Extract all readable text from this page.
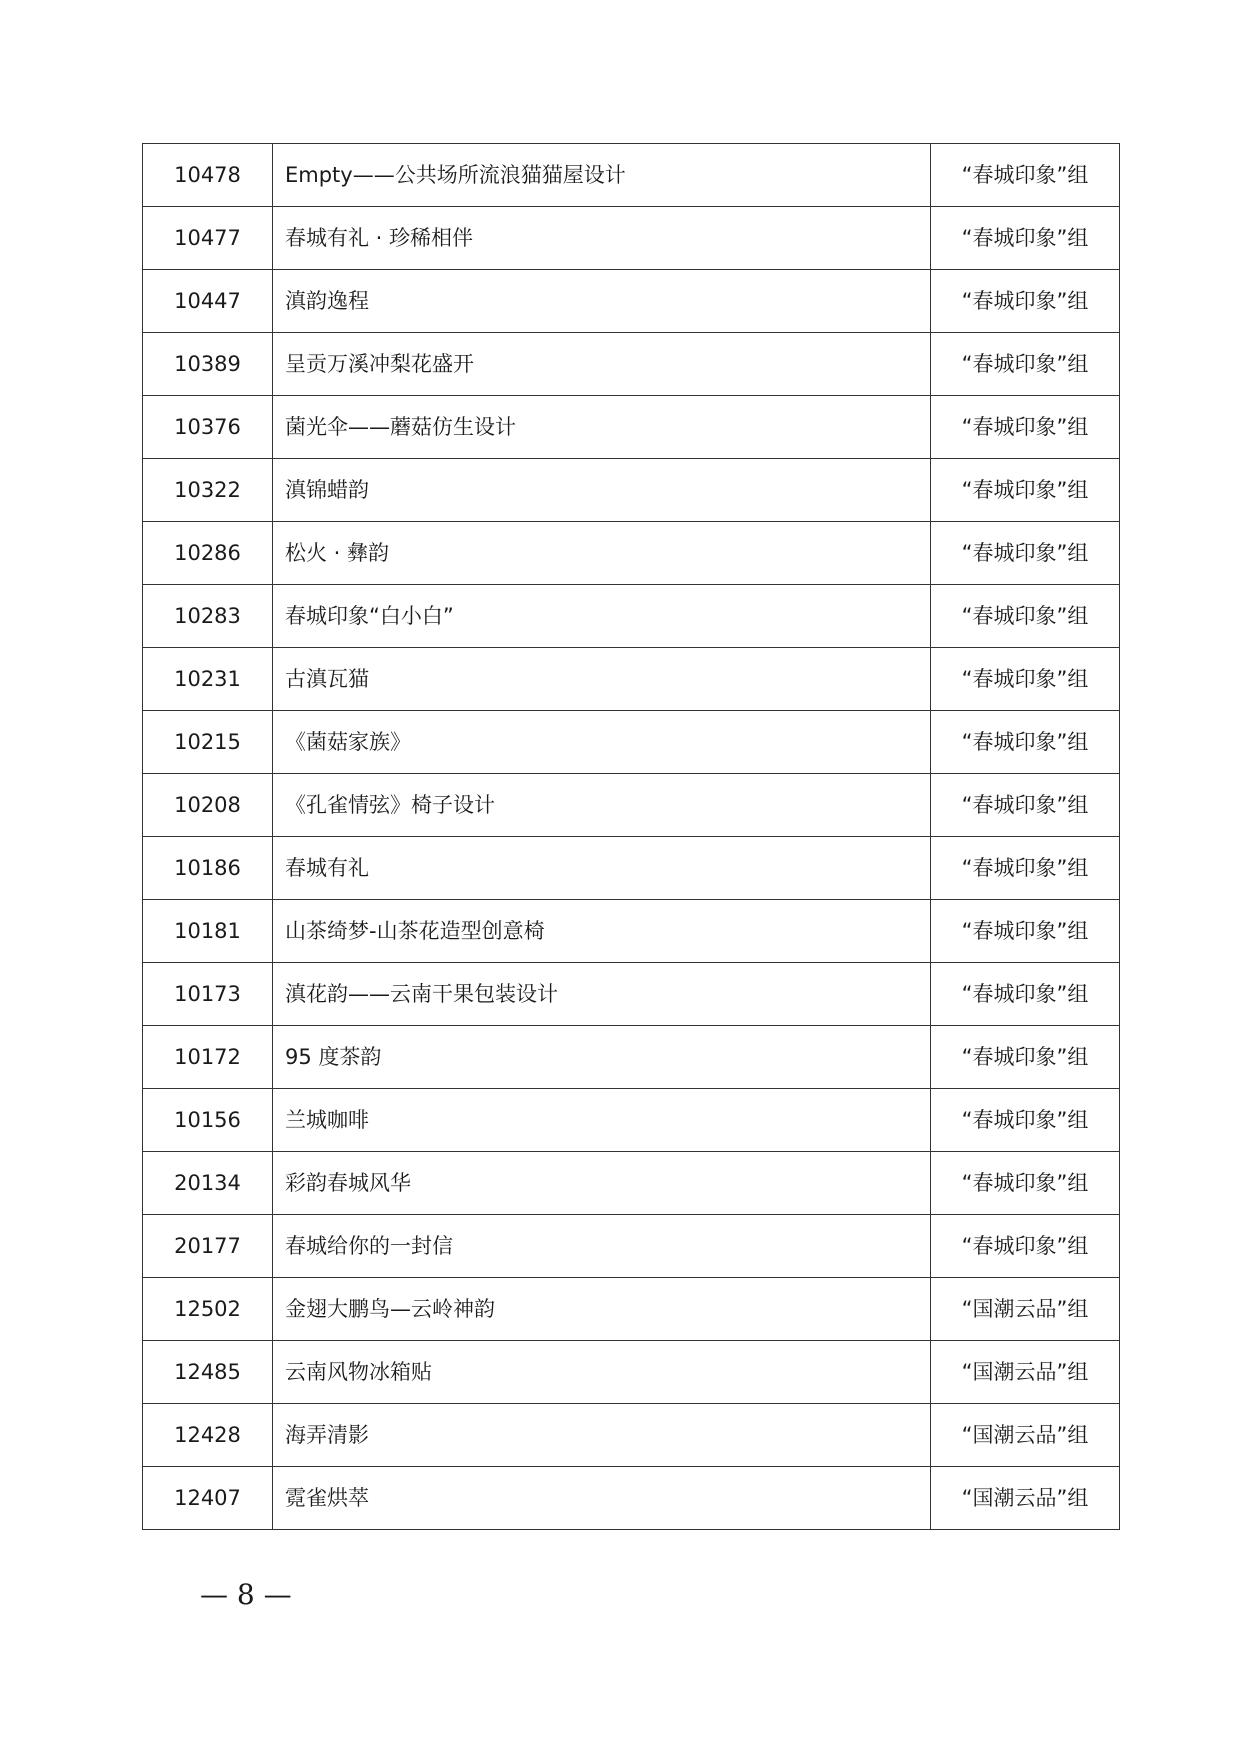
10478	Empty——公共场所流浪猫猫屋设计	“春城印象”组
10477	春城有礼 · 珍稀相伴	“春城印象”组
10447	滇韵逸程	“春城印象”组
10389	呈贡万溪冲梨花盛开	“春城印象”组
10376	菌光伞——蘑菇仿生设计	“春城印象”组
10322	滇锦蜡韵	“春城印象”组
10286	松火 · 彝韵	“春城印象”组
10283	春城印象“白小白”	“春城印象”组
10231	古滇瓦猫	“春城印象”组
10215	《菌菇家族》	“春城印象”组
10208	《孔雀情弦》椅子设计	“春城印象”组
10186	春城有礼	“春城印象”组
10181	山茶绮梦-山茶花造型创意椅	“春城印象”组
10173	滇花韵——云南干果包装设计	“春城印象”组
10172	95 度茶韵	“春城印象”组
10156	兰城咖啡	“春城印象”组
20134	彩韵春城风华	“春城印象”组
20177	春城给你的一封信	“春城印象”组
12502	金翅大鹏鸟—云岭神韵	“国潮云品”组
12485	云南风物冰箱贴	“国潮云品”组
12428	海弄清影	“国潮云品”组
12407	霓雀烘萃	“国潮云品”组
— 8 —
